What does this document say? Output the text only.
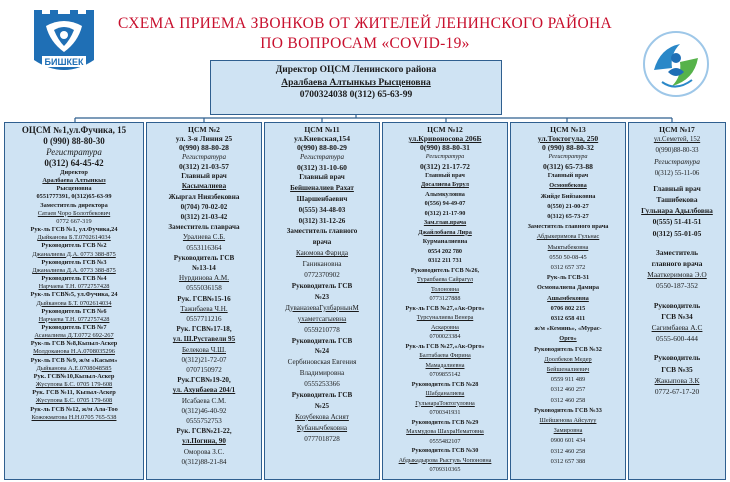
СХЕМА ПРИЕМА ЗВОНКОВ ОТ ЖИТЕЛЕЙ ЛЕНИНСКОГО РАЙОНА
ПО ВОПРОСАМ «COVID-19»
БИШКЕК
Директор ОЦСМ Ленинского района
Аралбаева Алтынкыз Рысценовна
0700324038 0(312) 65-63-99
ОЦСМ №1,ул.Фучика, 15
0 (990) 88-80-30
Регистратура
0(312) 64-45-42
Директор
Аралбаева Алтынкыз
Рысценовна
0551777391, 0(312)65-63-99
Заместитель директора
Сатаев Чоро Болотбекович
0772 667-319
Рук-ль ГСВ №1, ул.Фучика,24
Дыйканова Б.Т.0702614034
Руководитель ГСВ №2
Джаналиева Д.А. 0773 388-875
Руководитель ГСВ №3
Джаналиева Д.А. 0773 388-875
Руководитель ГСВ №4
Нарчаева Т.Н. 0772757428
Рук-ль ГСВ№5, ул.Фучика, 24
Дыйканова Б.Т. 0702614034
Руководитель ГСВ №6
Нарчаева Т.Н. 0772757428
Руководитель ГСВ №7
Асаналиева Д.Т.0772 692-267
Рук-ль ГСВ №8,Кызыл-Аскер
Молдоканова Н.А.0708035296
Рук-ль ГСВ №9, ж/м «Касым»
Дыйканова А.Е.0708048585
Рук. ГСВ№10,Кызыл-Аскер
Жусупова Б.С. 0705 179-608
Рук. ГСВ №11, Кызыл-Аскер
Жусупова Б.С. 0705 179-608
Рук-ль ГСВ №12, ж/м Ала-Тоо
Кожокматова Н.Н.0705 765-538
ЦСМ №2
ул. 3-я Линия 25
0(990) 88-80-28
Регистратура
0(312) 21-03-57
Главный врач
Касымалиева
Жыргал Ниязбековна
0(704) 70-02-02
0(312) 21-03-42
Заместитель главрача
Уралиева С.Б.
0553116364
Руководитель ГСВ
№13-14
Нурдинова А.М.
0555036158
Рук. ГСВ№15-16
Тажибаева Ч.Н.
0557711216
Рук. ГСВ№17-18,
ул. Ш.Руставели 95
Белекова Ч.Ш.
0(312)21-72-07
0707150972
Рук.ГСВ№19-20,
ул. Ахунбаева 204/1
Исабаева С.М.
0(312)46-40-92
0555752753
Рук. ГСВ№21-22,
ул.Погина, 90
Оморова З.С.
0(312)88-21-84
ЦСМ №11
ул.Киевская,154
0(990) 88-80-29
Регистратура
0(312) 31-10-60
Главный врач
Бейшеналиев Рахат
Шаршенбаевич
0(555) 34-48-03
0(312) 31-12-26
Заместитель главного
врача
Каюмова Фарида
Ганикановна
0772370902
Руководитель ГСВ
№23
ДуваназеваГулбарнынМ
ухаметсагыевна
0559210778
Руководитель ГСВ
№24
Сербиновская Евгения
Владимировна
0555253366
Руководитель ГСВ
№25
Козубекова Асият
Кубанычбековна
0777018728
ЦСМ №12
ул.Кривоносова 206Б
0(990) 88-80-31
Регистратура
0(312) 21-17-72
Главный врач
Досалиева Бурул
Алымкуловна
0(556) 94-49-07
0(312) 21-17-90
Зам.глав.врача
Джайлобаева Лира
Курманалиевна
0554 202 780
0312 211 731
Руководитель ГСВ №26,
Турапбаева Сайрагул
Толоновна
0773127888
Рук-ль ГСВ №27,«Ак-Орго»
Турсуналиева Венера
Аскаровна
0700023384
Рук-ль ГСВ №27,«Ак-Орго»
Балтабаева Фирина
Мамадалиевна
0709855142
Руководитель ГСВ №28
Шабданалиева
ГульнараТоктогуловна
0700341931
Руководитель ГСВ №29
Махмудова ШахраНематовна
0555482107
Руководитель ГСВ №30
Абдыкадырова Рысгуль Чопоновна
0709310365
ЦСМ №13
ул.Токтогула, 250
0 (990) 88-80-32
Регистратура
0(312) 65-73-88
Главный врач
Осмонбекова
Жийде Бийзаковна
0(550) 21-00-27
0(312) 65-73-27
Заместитель главного врача
Абдыкеримова Гульнас
Мыктыбековна
0550 50-08-45
0312 657 372
Рук-ль ГСВ-31
Осмоналиева Дамира
Ашымбековна
0706 802 215
0312 658 411
ж/м «Кеминь», «Мурас-
Орго»
Руководитель ГСВ №32
Доолбеков Медер
Бейшеналиевич
0559 911 489
0312 460 257
0312 460 258
Руководитель ГСВ №33
Шейшенова Айсулуу
Замировна
0900 601 434
0312 460 258
0312 657 388
ЦСМ №17
ул.Семетей, 152
0(990)88-80-33
Регистратура
0(312) 55-11-06
Главный врач
Ташибекова
Гульнара Адылбовна
0(555) 51-41-51
0(312) 55-01-05
Заместитель
главного врача
Мааткеримова Э.О
0550-187-352
Руководитель
ГСВ №34
Сагимбаева А.С
0555-600-444
Руководитель
ГСВ №35
Жакыпова З.К
0772-67-17-20
